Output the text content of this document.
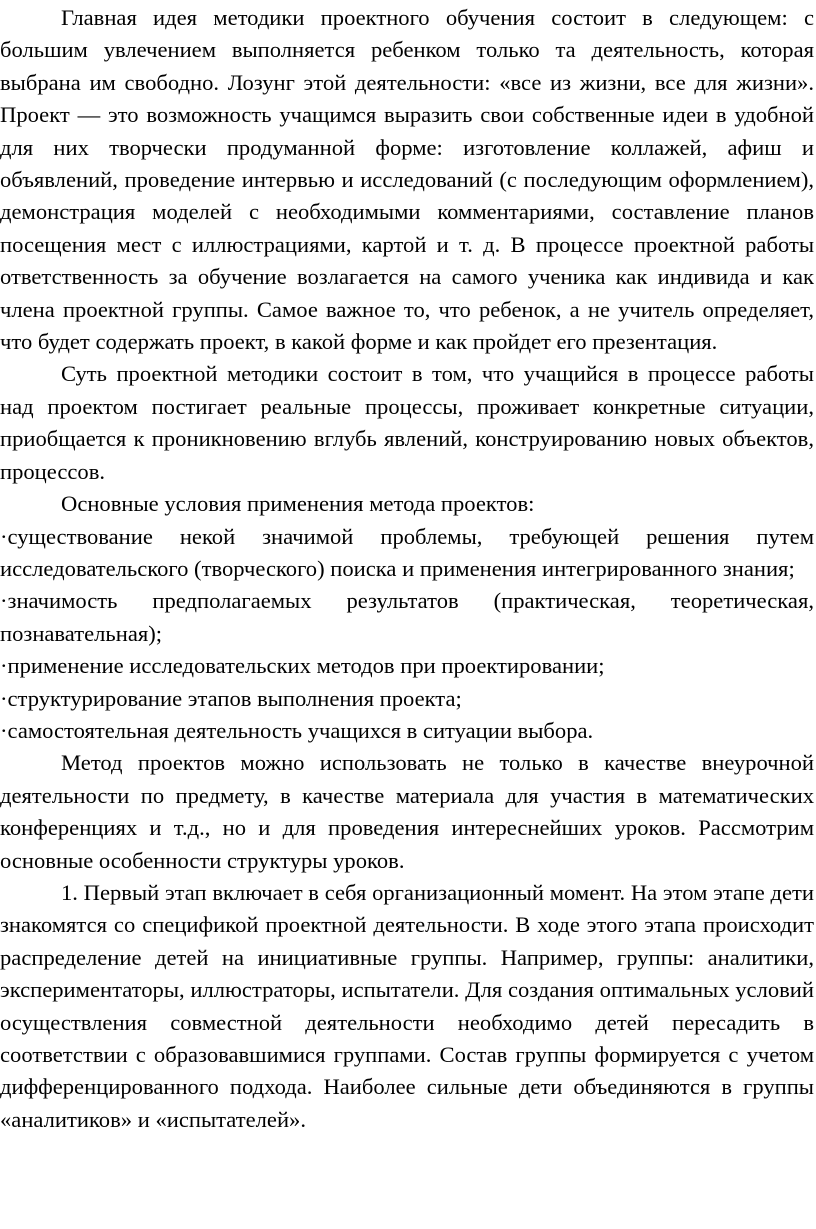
Главная идея методики проектного обучения состоит в следующем: с большим увлечением выполняется ребенком только та деятельность, которая выбрана им свободно. Лозунг этой деятельности: «все из жизни, все для жизни». Проект — это возможность учащимся выразить свои собственные идеи в удобной для них творчески продуманной форме: изготовление коллажей, афиш и объявлений, проведение интервью и исследований (с последующим оформлением), демонстрация моделей с необходимыми комментариями, составление планов посещения мест с иллюстрациями, картой и т. д. В процессе проектной работы ответственность за обучение возлагается на самого ученика как индивида и как члена проектной группы. Самое важное то, что ребенок, а не учитель определяет, что будет содержать проект, в какой форме и как пройдет его презентация.

Суть проектной методики состоит в том, что учащийся в процессе работы над проектом постигает реальные процессы, проживает конкретные ситуации, приобщается к проникновению вглубь явлений, конструированию новых объектов, процессов.

Основные условия применения метода проектов:

·существование некой значимой проблемы, требующей решения путем исследовательского (творческого) поиска и применения интегрированного знания;

·значимость предполагаемых результатов (практическая, теоретическая, познавательная);

·применение исследовательских методов при проектировании;

·структурирование этапов выполнения проекта;

·самостоятельная деятельность учащихся в ситуации выбора.

Метод проектов можно использовать не только в качестве внеурочной деятельности по предмету, в качестве материала для участия в математических конференциях и т.д., но и для проведения интереснейших уроков. Рассмотрим основные особенности структуры уроков.

1. Первый этап включает в себя организационный момент. На этом этапе дети знакомятся со спецификой проектной деятельности. В ходе этого этапа происходит распределение детей на инициативные группы. Например, группы: аналитики, экспериментаторы, иллюстраторы, испытатели. Для создания оптимальных условий осуществления совместной деятельности необходимо детей пересадить в соответствии с образовавшимися группами. Состав группы формируется с учетом дифференцированного подхода. Наиболее сильные дети объединяются в группы «аналитиков» и «испытателей».
